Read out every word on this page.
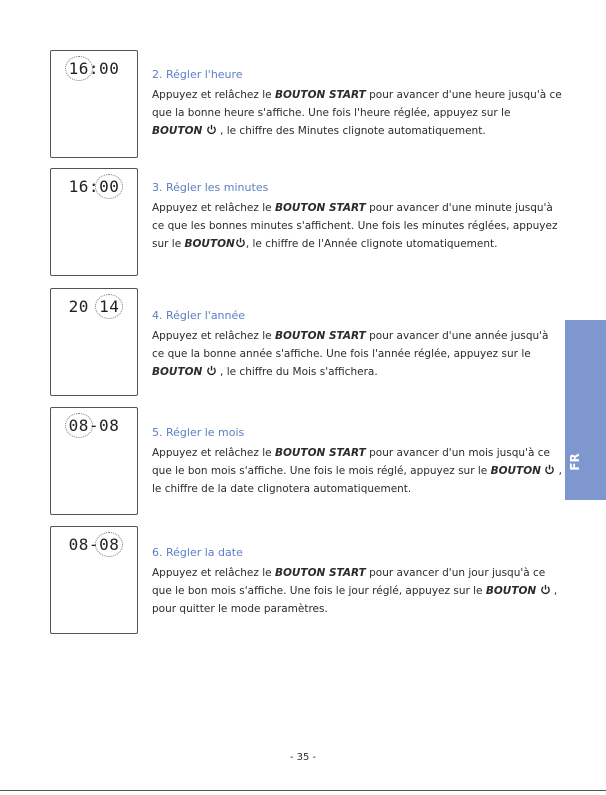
16:00	2. Régler l'heure

Appuyez et relâchez le BOUTON START pour avancer d'une heure jusqu'à ce que la bonne heure s'affiche. Une fois l'heure réglée, appuyez sur le BOUTON  , le chiffre des Minutes clignote automatiquement.

16:00	3. Régler les minutes

Appuyez et relâchez le BOUTON START pour avancer d'une minute jusqu'à ce que les bonnes minutes s'affichent. Une fois les minutes réglées, appuyez sur le BOUTON , le chiffre de l'Année clignote utomatiquement.

20 14	4. Régler l'année

Appuyez et relâchez le BOUTON START pour avancer d'une année jusqu'à ce que la bonne année s'affiche. Une fois l'année réglée, appuyez sur le BOUTON  , le chiffre du Mois s'affichera.

08-08	5. Régler le mois

Appuyez et relâchez le BOUTON START pour avancer d'un mois jusqu'à ce que le bon mois s'affiche. Une fois le mois réglé, appuyez sur le BOUTON  , le chiffre de la date clignotera automatiquement.

08-08	6. Régler la date

Appuyez et relâchez le BOUTON START pour avancer d'un jour jusqu'à ce que le bon mois s'affiche. Une fois le jour réglé, appuyez sur le BOUTON  , pour quitter le mode paramètres.

FR
- 35 -
